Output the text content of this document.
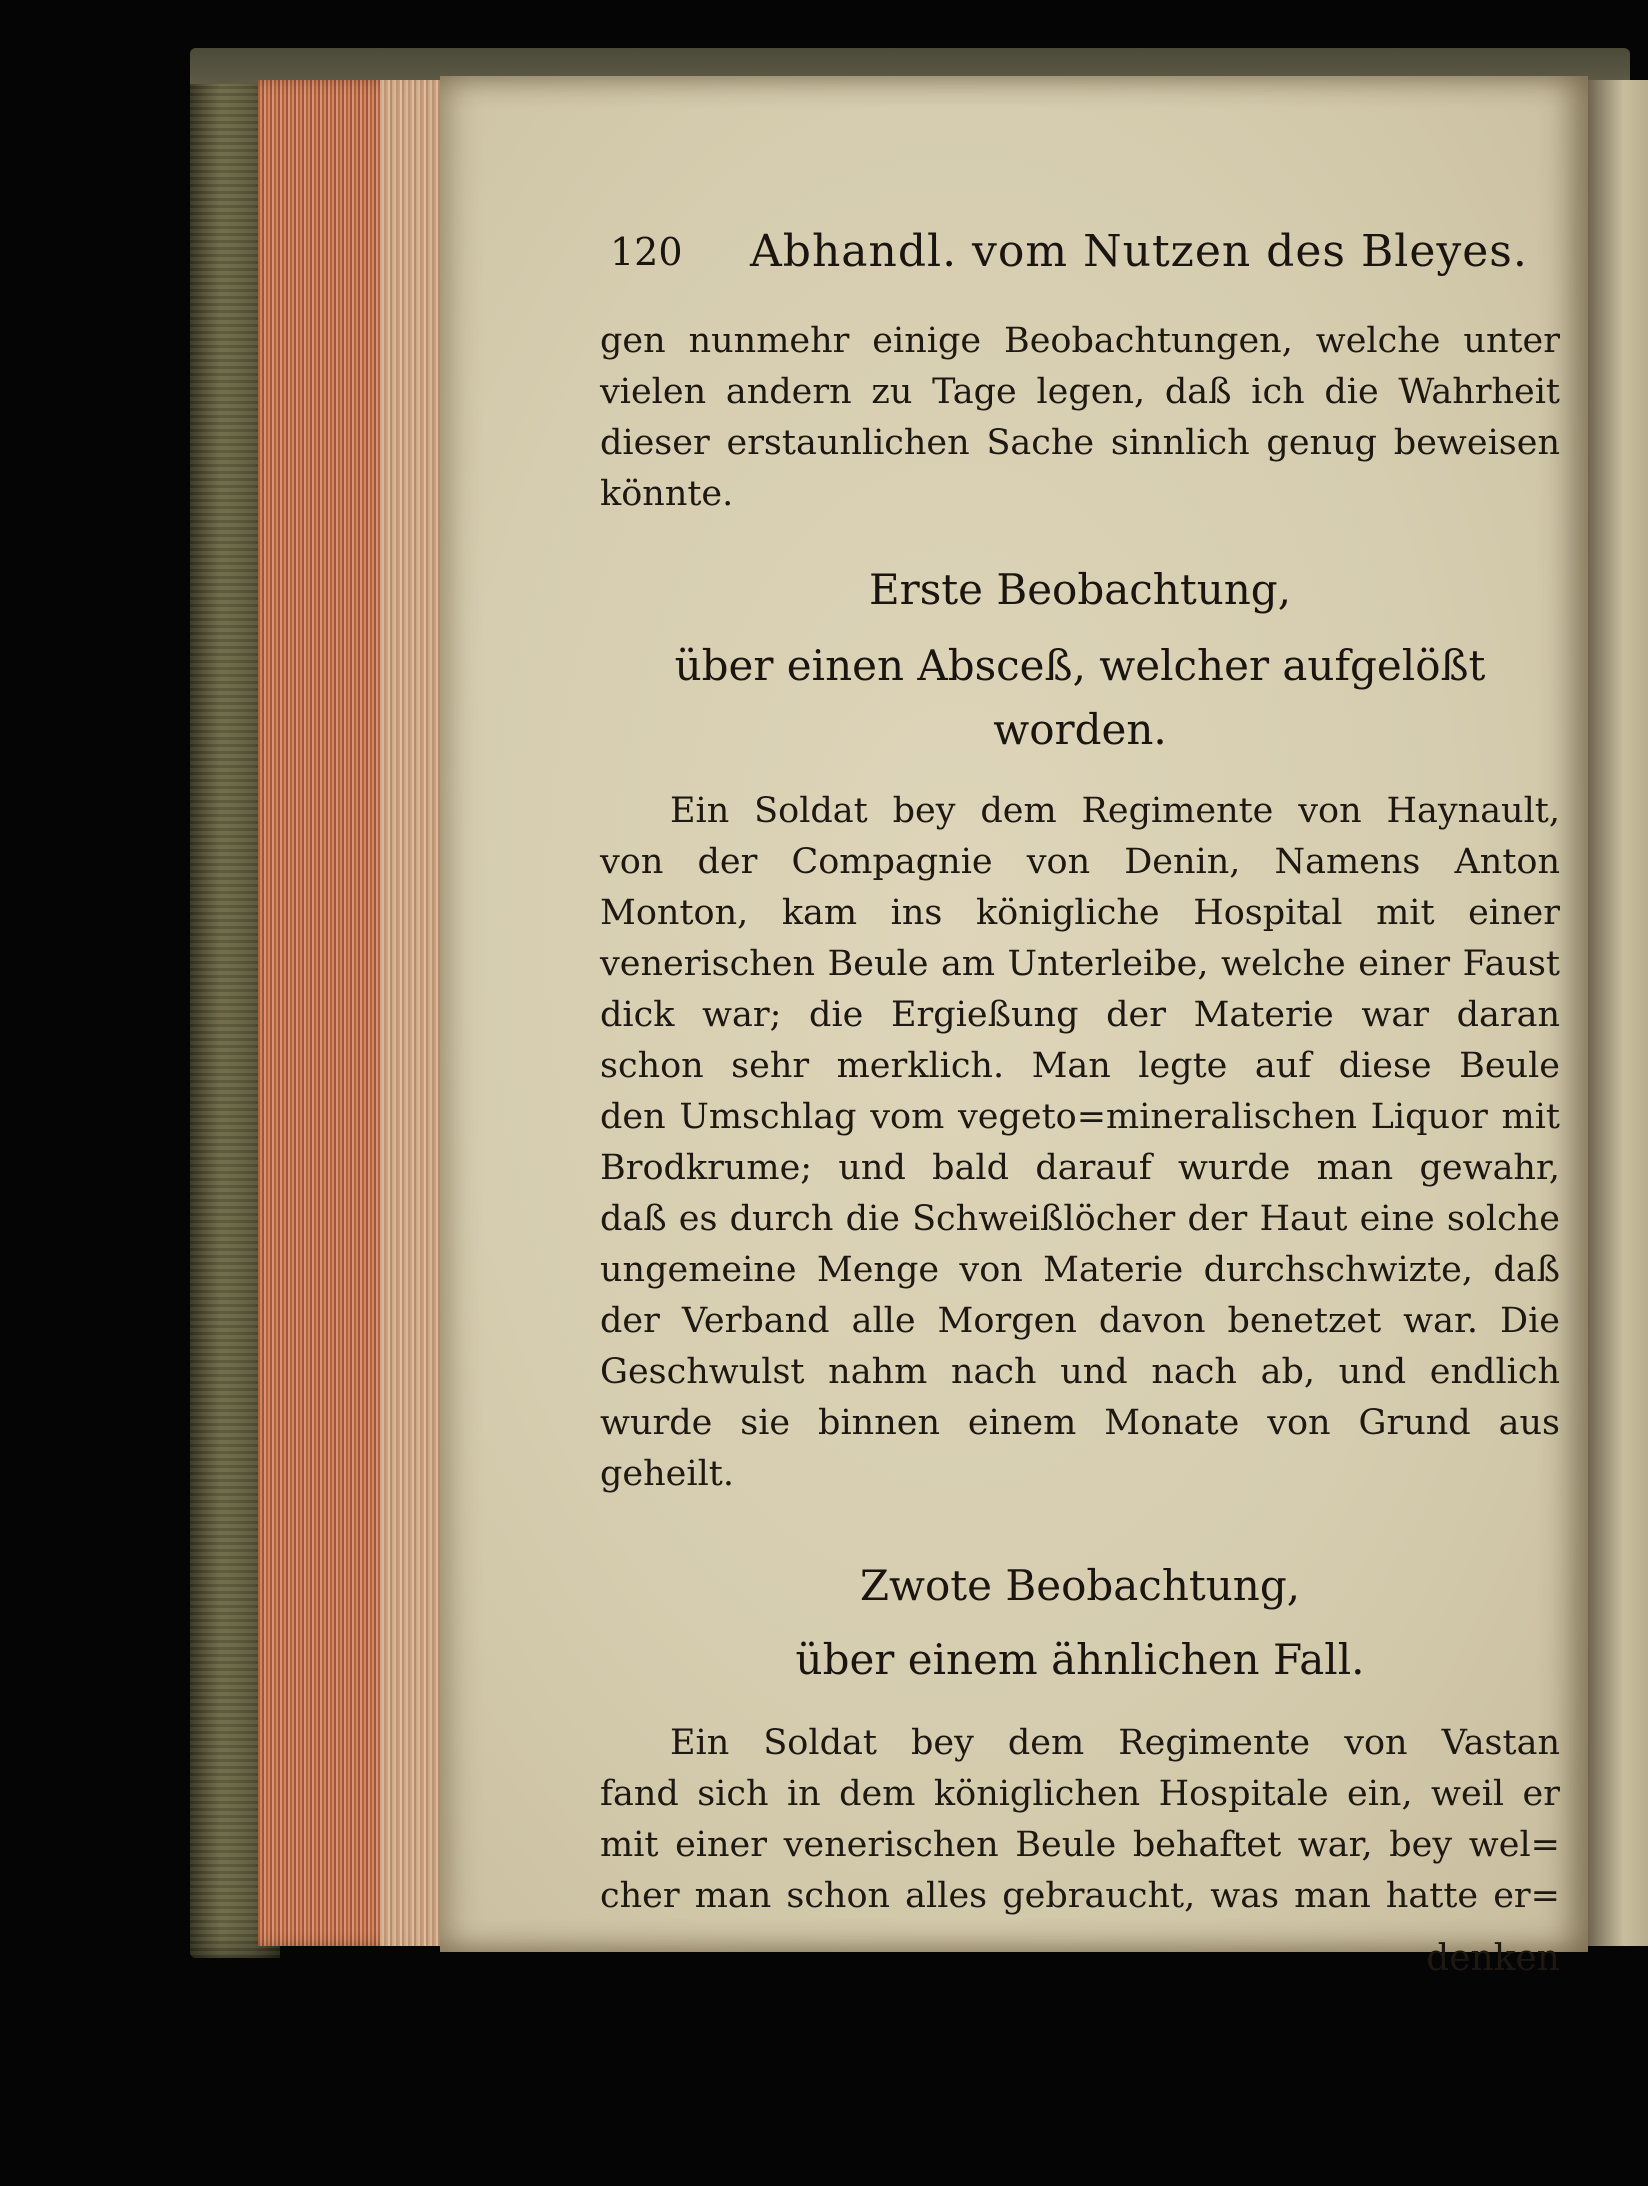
120 Abhandl. vom Nutzen des Bleyes.
gen nunmehr einige Beobachtungen, welche unter
vielen andern zu Tage legen, daß ich die Wahrheit
dieser erstaunlichen Sache sinnlich genug beweisen
könnte.
Erste Beobachtung,
über einen Absceß, welcher aufgelößt
worden.
Ein Soldat bey dem Regimente von Haynault,
von der Compagnie von Denin, Namens Anton
Monton, kam ins königliche Hospital mit einer
venerischen Beule am Unterleibe, welche einer Faust
dick war; die Ergießung der Materie war daran
schon sehr merklich. Man legte auf diese Beule
den Umschlag vom vegeto=mineralischen Liquor mit
Brodkrume; und bald darauf wurde man gewahr,
daß es durch die Schweißlöcher der Haut eine solche
ungemeine Menge von Materie durchschwizte, daß
der Verband alle Morgen davon benetzet war. Die
Geschwulst nahm nach und nach ab, und endlich
wurde sie binnen einem Monate von Grund aus
geheilt.
Zwote Beobachtung,
über einem ähnlichen Fall.
Ein Soldat bey dem Regimente von Vastan
fand sich in dem königlichen Hospitale ein, weil er
mit einer venerischen Beule behaftet war, bey wel=
cher man schon alles gebraucht, was man hatte er=
denken
